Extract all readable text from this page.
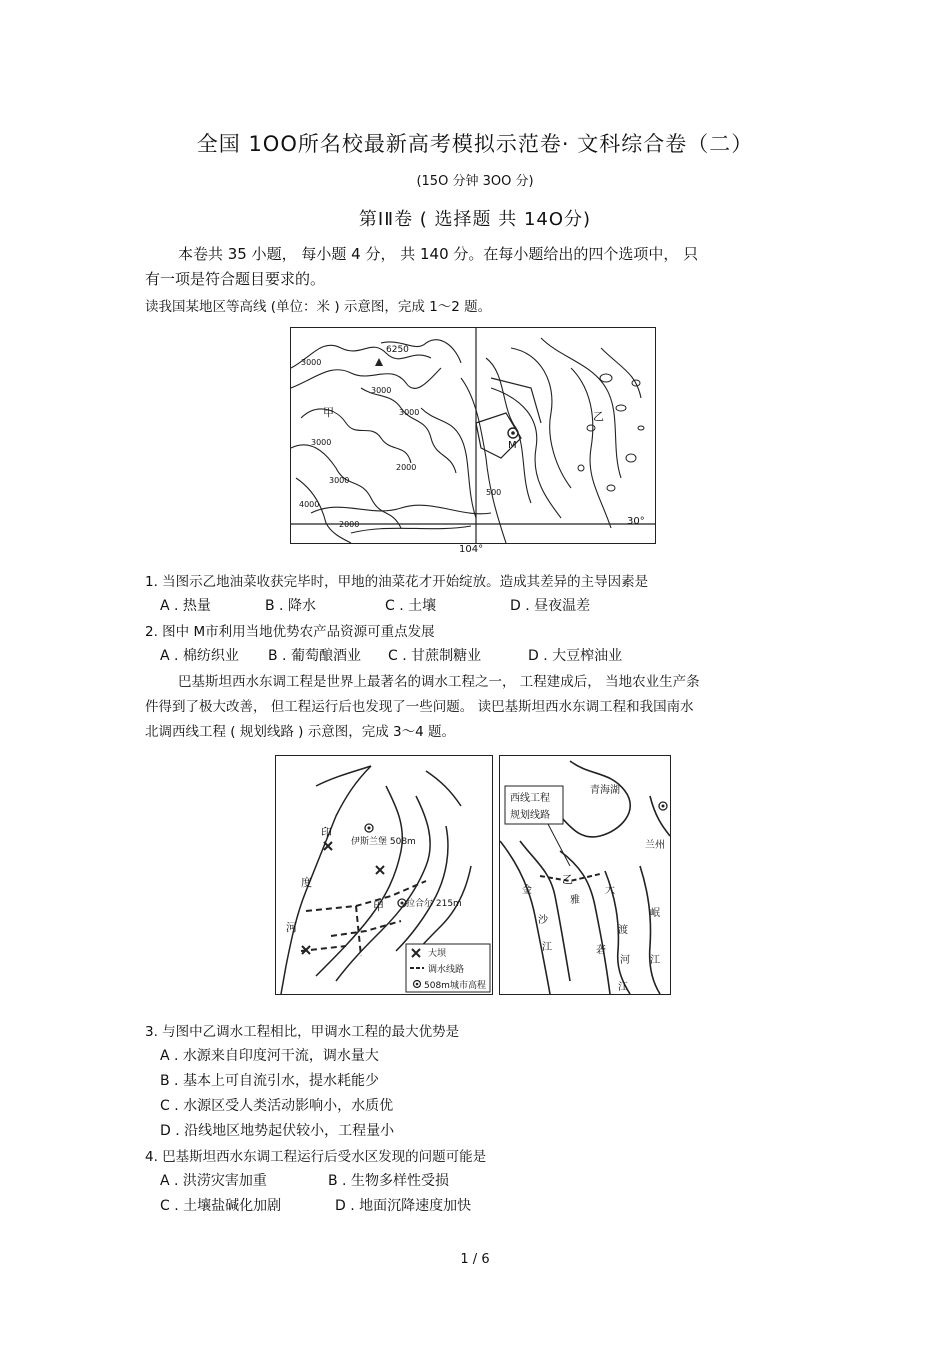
全国 1OO所名校最新高考模拟示范卷· 文科综合卷（二）
(15O 分钟 3OO 分)
第ⅠⅡ卷 ( 选择题 共 14O分)
本卷共 35 小题， 每小题 4 分， 共 140 分。在每小题给出的四个选项中， 只
有一项是符合题目要求的。
读我国某地区等高线 (单位：米 ) 示意图，完成 1～2 题。
6250
3000
3000
3000
3000
2000
3000
4000
500
2000
甲	乙
M
30°
104°
1. 当图示乙地油菜收获完毕时，甲地的油菜花才开始绽放。造成其差异的主导因素是
A . 热量	B . 降水	C . 土壤	D . 昼夜温差
2. 图中 M市利用当地优势农产品资源可重点发展
A . 棉纺织业 B . 葡萄酿酒业 C . 甘蔗制糖业	D . 大豆榨油业
巴基斯坦西水东调工程是世界上最著名的调水工程之一， 工程建成后， 当地农业生产条
件得到了极大改善， 但工程运行后也发现了一些问题。 读巴基斯坦西水东调工程和我国南水
北调西线工程 ( 规划线路 ) 示意图，完成 3～4 题。
印
度
河
伊斯兰堡 508m
拉合尔 215m
甲
大坝
调水线路
508m城市高程
西线工程
规划线路
青海湖
兰州
乙
金
沙
江
雅
砻
江
大
渡
河
岷
江
3. 与图中乙调水工程相比，甲调水工程的最大优势是
A . 水源来自印度河干流，调水量大
B . 基本上可自流引水，提水耗能少
C . 水源区受人类活动影响小，水质优
D . 沿线地区地势起伏较小，工程量小
4. 巴基斯坦西水东调工程运行后受水区发现的问题可能是
A . 洪涝灾害加重	B . 生物多样性受损
C . 土壤盐碱化加剧	D . 地面沉降速度加快
1 / 6
